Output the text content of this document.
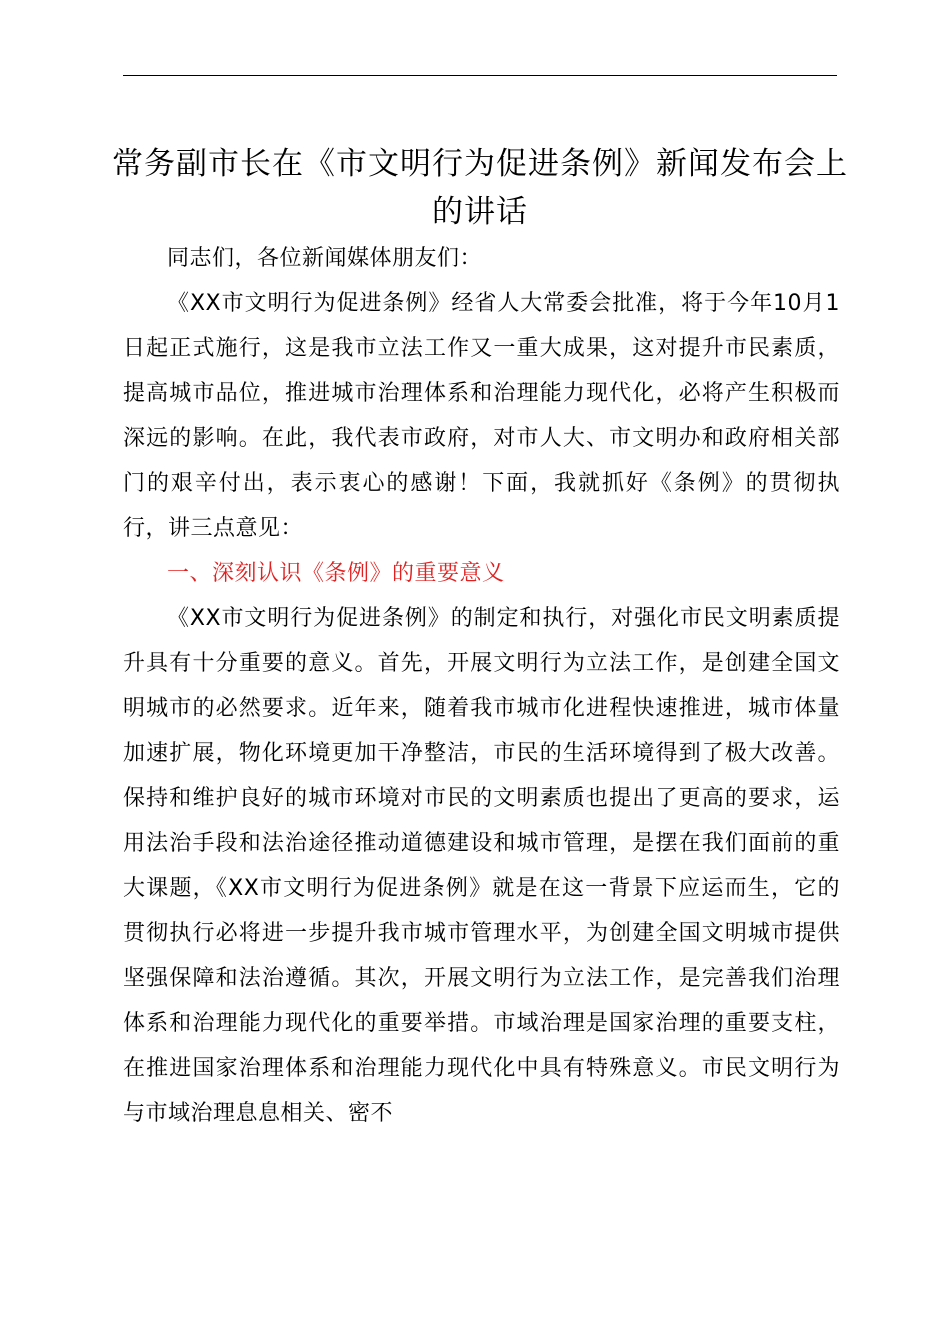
常务副市长在《市文明行为促进条例》新闻发布会上的讲话

同志们，各位新闻媒体朋友们：

《XX市文明行为促进条例》经省人大常委会批准，将于今年10月1日起正式施行，这是我市立法工作又一重大成果，这对提升市民素质，提高城市品位，推进城市治理体系和治理能力现代化，必将产生积极而深远的影响。在此，我代表市政府，对市人大、市文明办和政府相关部门的艰辛付出，表示衷心的感谢！下面，我就抓好《条例》的贯彻执行，讲三点意见：

一、深刻认识《条例》的重要意义

《XX市文明行为促进条例》的制定和执行，对强化市民文明素质提升具有十分重要的意义。首先，开展文明行为立法工作，是创建全国文明城市的必然要求。近年来，随着我市城市化进程快速推进，城市体量加速扩展，物化环境更加干净整洁，市民的生活环境得到了极大改善。保持和维护良好的城市环境对市民的文明素质也提出了更高的要求，运用法治手段和法治途径推动道德建设和城市管理，是摆在我们面前的重大课题，《XX市文明行为促进条例》就是在这一背景下应运而生，它的贯彻执行必将进一步提升我市城市管理水平，为创建全国文明城市提供坚强保障和法治遵循。其次，开展文明行为立法工作，是完善我们治理体系和治理能力现代化的重要举措。市域治理是国家治理的重要支柱，在推进国家治理体系和治理能力现代化中具有特殊意义。市民文明行为与市域治理息息相关、密不
